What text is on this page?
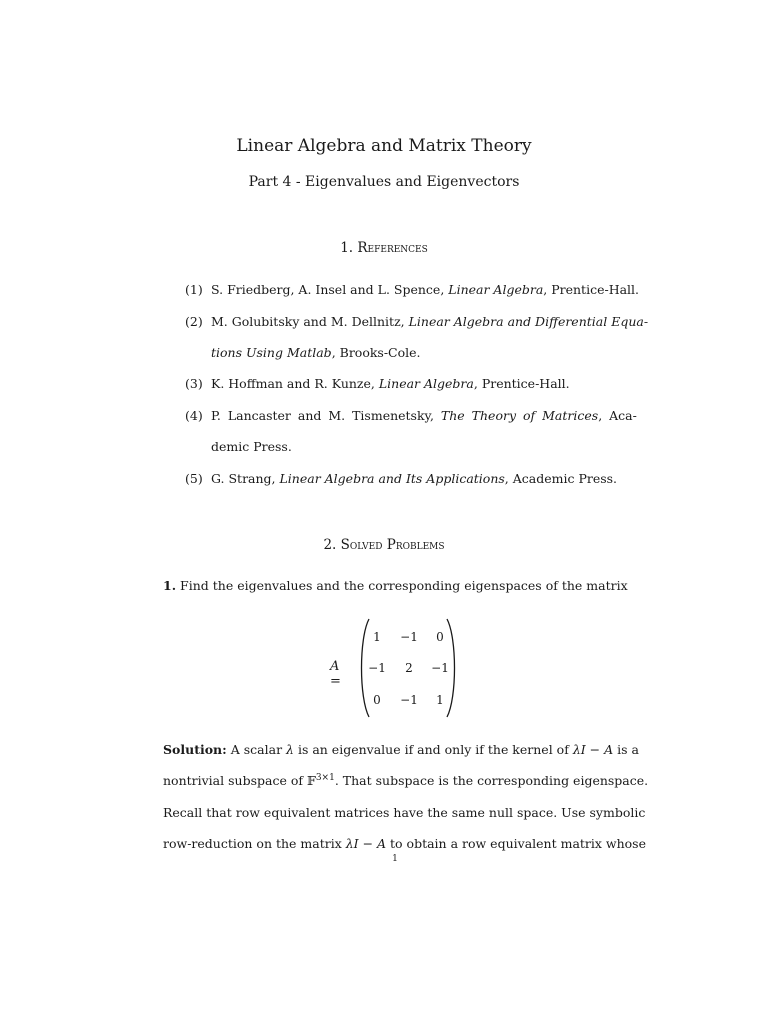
Linear Algebra and Matrix Theory
Part 4 - Eigenvalues and Eigenvectors
1. References
(1) S. Friedberg, A. Insel and L. Spence, Linear Algebra, Prentice-Hall.
(2) M. Golubitsky and M. Dellnitz, Linear Algebra and Differential Equa-
tions Using Matlab, Brooks-Cole.
(3) K. Hoffman and R. Kunze, Linear Algebra, Prentice-Hall.
(4) P. Lancaster and M. Tismenetsky, The Theory of Matrices, Aca-
demic Press.
(5) G. Strang, Linear Algebra and Its Applications, Academic Press.
2. Solved Problems
1. Find the eigenvalues and the corresponding eigenspaces of the matrix
A =
1	−1	0
−1	2	−1
0	−1	1
Solution: A scalar λ is an eigenvalue if and only if the kernel of λI − A is a
nontrivial subspace of 𝔽$^{3\times 1}$. That subspace is the corresponding eigenspace.
Recall that row equivalent matrices have the same null space. Use symbolic
row-reduction on the matrix λI − A to obtain a row equivalent matrix whose
1
